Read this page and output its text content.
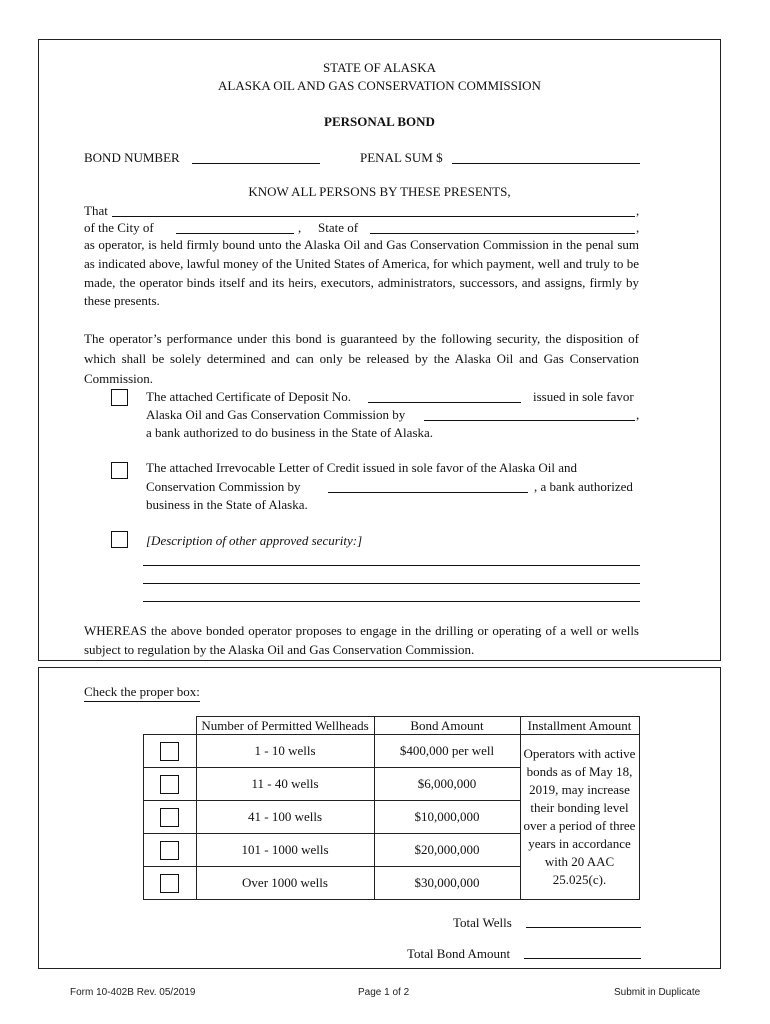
STATE OF ALASKA
ALASKA OIL AND GAS CONSERVATION COMMISSION
PERSONAL BOND
BOND NUMBER	PENAL SUM $
KNOW ALL PERSONS BY THESE PRESENTS,
That	,
of the City of	, State of	,
as operator, is held firmly bound unto the Alaska Oil and Gas Conservation Commission in the penal sum as indicated above, lawful money of the United States of America, for which payment, well and truly to be made, the operator binds itself and its heirs, executors, administrators, successors, and assigns, firmly by these presents.
The operator’s performance under this bond is guaranteed by the following security, the disposition of which shall be solely determined and can only be released by the Alaska Oil and Gas Conservation Commission.
The attached Certificate of Deposit No.	issued in sole favor
Alaska Oil and Gas Conservation Commission by	,
a bank authorized to do business in the State of Alaska.
The attached Irrevocable Letter of Credit issued in sole favor of the Alaska Oil and
Conservation Commission by	, a bank authorized
business in the State of Alaska.
[Description of other approved security:]
WHEREAS the above bonded operator proposes to engage in the drilling or operating of a well or wells subject to regulation by the Alaska Oil and Gas Conservation Commission.
Check the proper box:
	Number of Permitted Wellheads	Bond Amount	Installment Amount

	1 - 10 wells	$400,000 per well	Operators with active bonds as of May 18, 2019, may increase their bonding level over a period of three years in accordance with 20 AAC 25.025(c).

	11 - 40 wells	$6,000,000	

	41 - 100 wells	$10,000,000	

	101 - 1000 wells	$20,000,000	

	Over 1000 wells	$30,000,000	
Total Wells
Total Bond Amount
Form 10-402B Rev. 05/2019	Page 1 of 2	Submit in Duplicate
